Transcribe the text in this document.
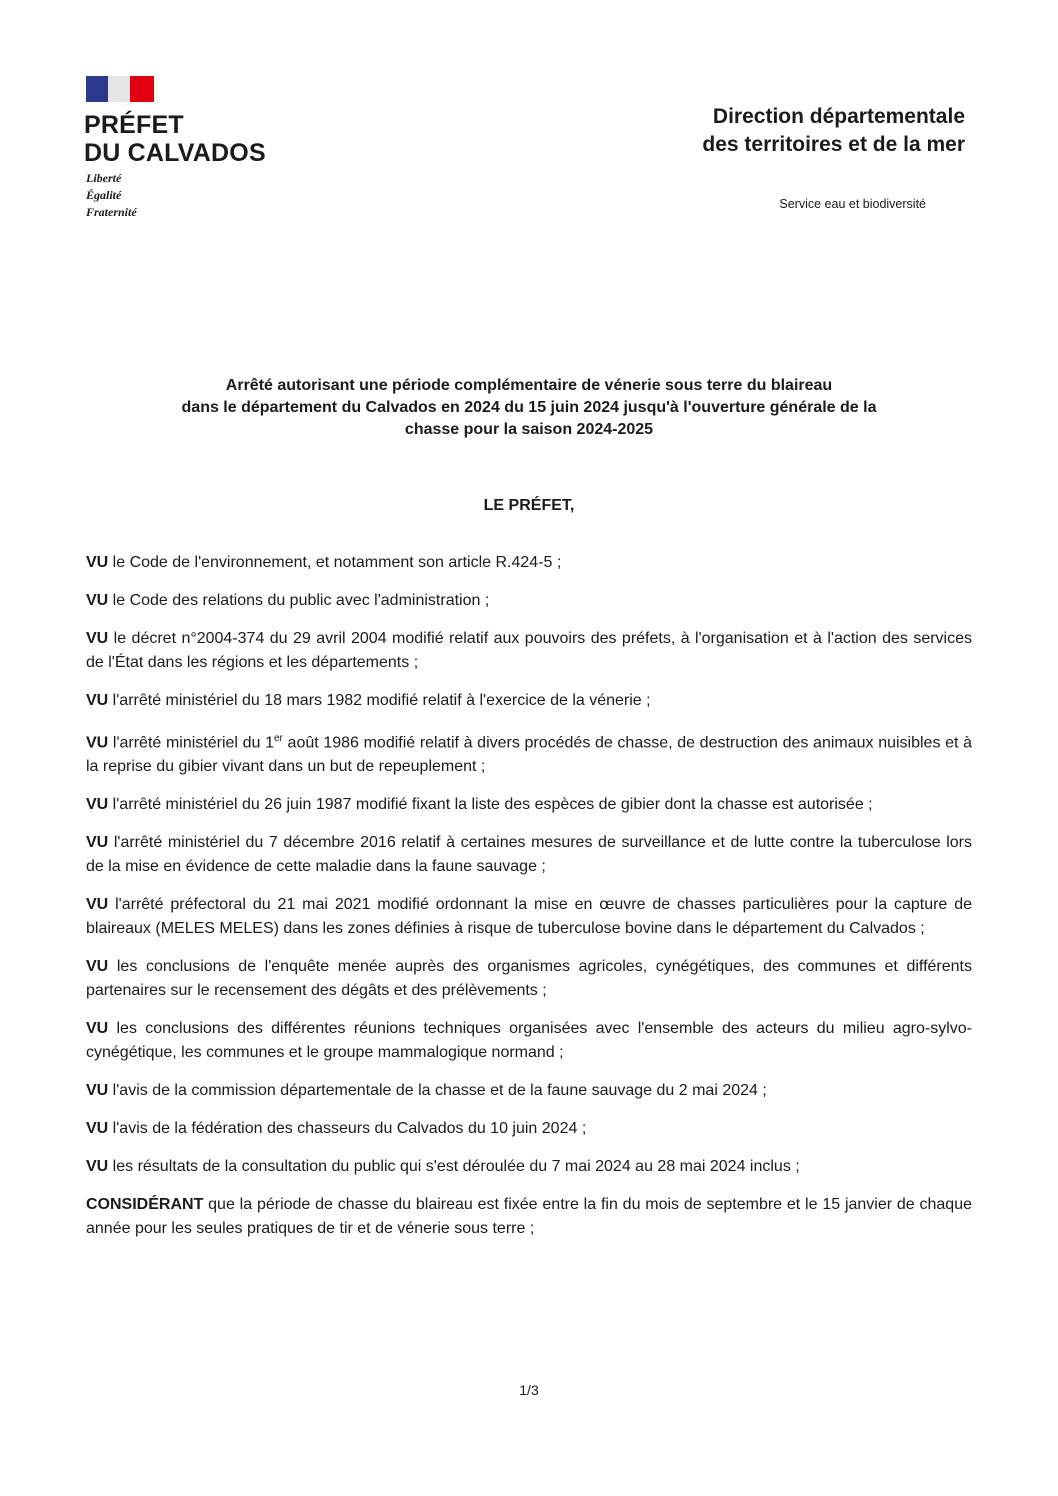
PRÉFET
DU CALVADOS
Liberté
Égalité
Fraternité
Direction départementale
des territoires et de la mer
Service eau et biodiversité
Arrêté autorisant une période complémentaire de vénerie sous terre du blaireau
dans le département du Calvados en 2024 du 15 juin 2024 jusqu'à l'ouverture générale de la
chasse pour la saison 2024-2025
LE PRÉFET,

VU le Code de l'environnement, et notamment son article R.424-5 ;

VU le Code des relations du public avec l'administration ;

VU le décret n°2004-374 du 29 avril 2004 modifié relatif aux pouvoirs des préfets, à l'organisation et à l'action des services de l'État dans les régions et les départements ;

VU l'arrêté ministériel du 18 mars 1982 modifié relatif à l'exercice de la vénerie ;

VU l'arrêté ministériel du 1er août 1986 modifié relatif à divers procédés de chasse, de destruction des animaux nuisibles et à la reprise du gibier vivant dans un but de repeuplement ;

VU l'arrêté ministériel du 26 juin 1987 modifié fixant la liste des espèces de gibier dont la chasse est autorisée ;

VU l'arrêté ministériel du 7 décembre 2016 relatif à certaines mesures de surveillance et de lutte contre la tuberculose lors de la mise en évidence de cette maladie dans la faune sauvage ;

VU l'arrêté préfectoral du 21 mai 2021 modifié ordonnant la mise en œuvre de chasses particulières pour la capture de blaireaux (MELES MELES) dans les zones définies à risque de tuberculose bovine dans le département du Calvados ;

VU les conclusions de l'enquête menée auprès des organismes agricoles, cynégétiques, des communes et différents partenaires sur le recensement des dégâts et des prélèvements ;

VU les conclusions des différentes réunions techniques organisées avec l'ensemble des acteurs du milieu agro-sylvo-cynégétique, les communes et le groupe mammalogique normand ;

VU l'avis de la commission départementale de la chasse et de la faune sauvage du 2 mai 2024 ;

VU l'avis de la fédération des chasseurs du Calvados du 10 juin 2024 ;

VU les résultats de la consultation du public qui s'est déroulée du 7 mai 2024 au 28 mai 2024 inclus ;

CONSIDÉRANT que la période de chasse du blaireau est fixée entre la fin du mois de septembre et le 15 janvier de chaque année pour les seules pratiques de tir et de vénerie sous terre ;

1/3
